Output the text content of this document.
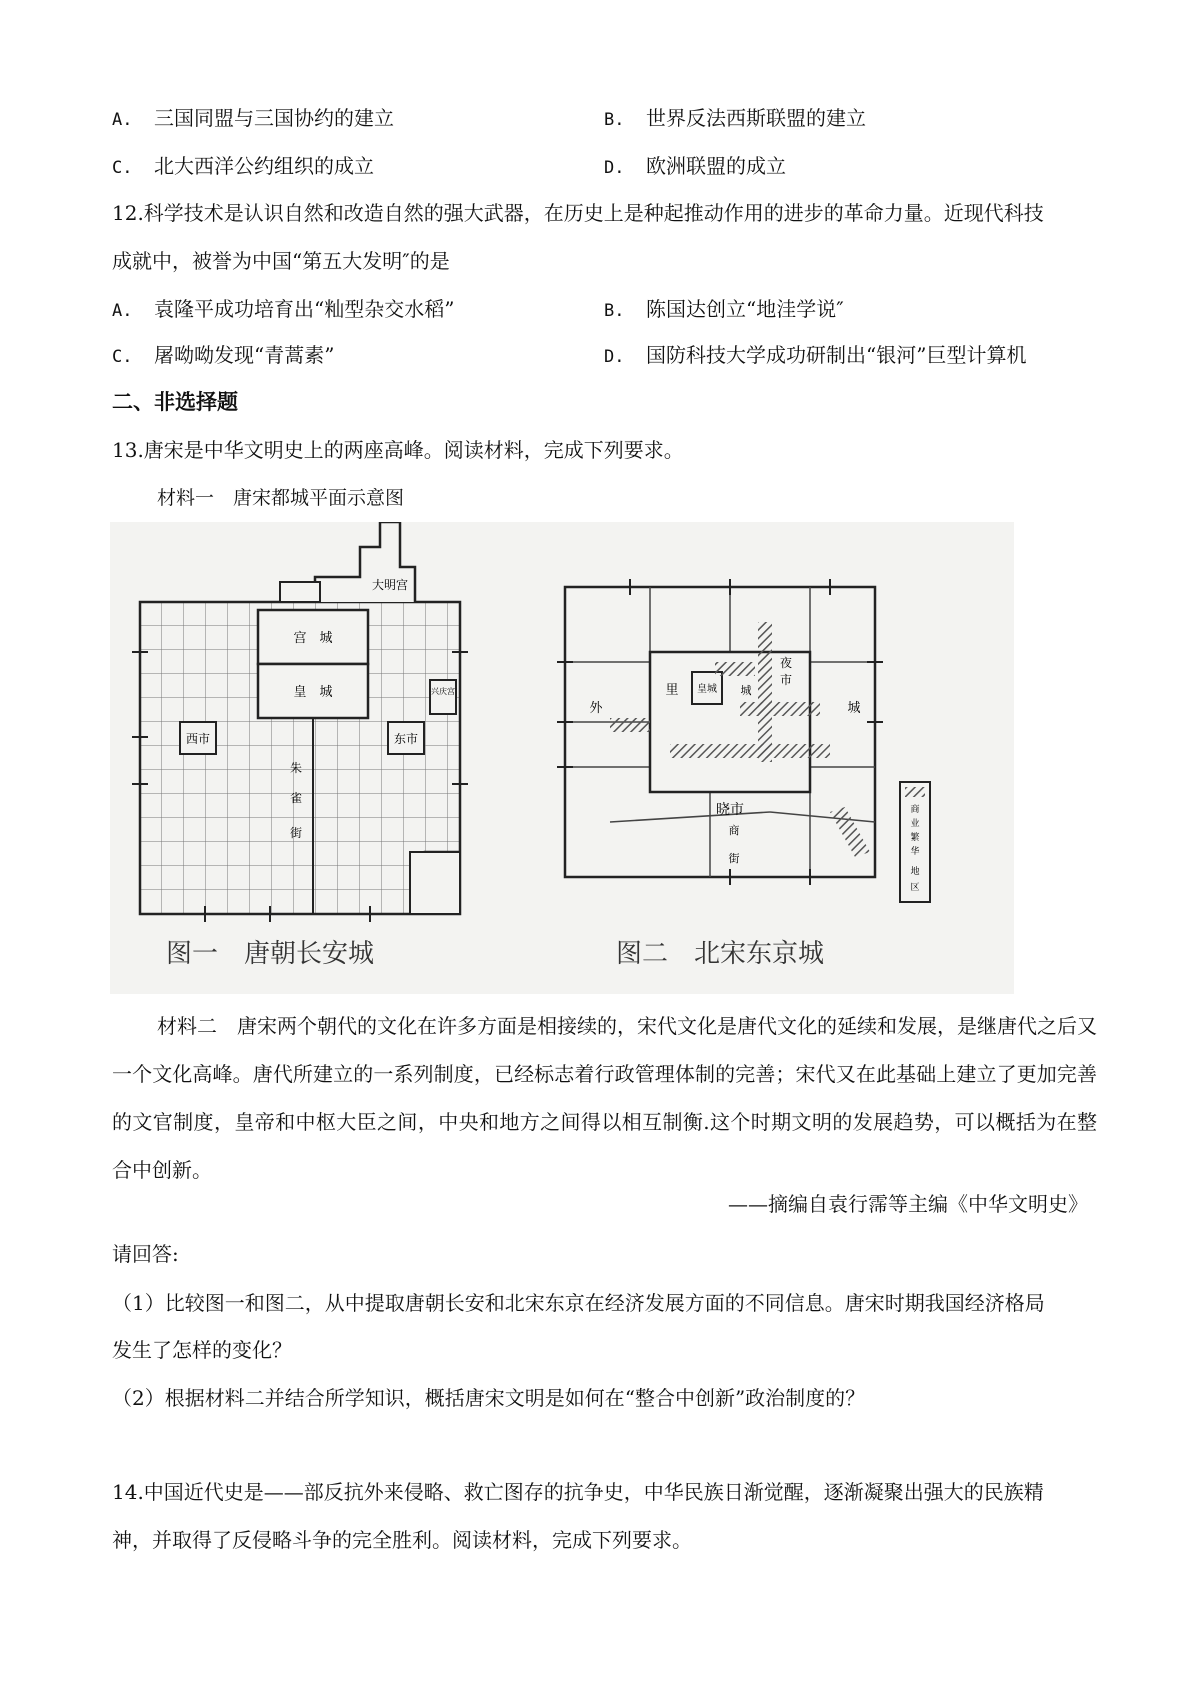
A. 三国同盟与三国协约的建立	B. 世界反法西斯联盟的建立
C. 北大西洋公约组织的成立	D. 欧洲联盟的成立
12.科学技术是认识自然和改造自然的强大武器，在历史上是种起推动作用的进步的革命力量。近现代科技
成就中，被誉为中国“第五大发明″的是
A. 袁隆平成功培育出“籼型杂交水稻”	B. 陈国达创立“地洼学说″
C. 屠呦呦发现“青蒿素”	D. 国防科技大学成功研制出“银河”巨型计算机
二、非选择题
13.唐宋是中华文明史上的两座高峰。阅读材料，完成下列要求。
材料一　唐宋都城平面示意图
大明宫
宫　城
皇　城	兴庆宫
西市	东市
朱
雀
街
图一　唐朝长安城
皇城
夜
市
外
里
城
城
晓市
商
街
商
业
繁
华
地
区
图二　北宋东京城
材料二　唐宋两个朝代的文化在许多方面是相接续的，宋代文化是唐代文化的延续和发展，是继唐代之后又一个文化高峰。唐代所建立的一系列制度，已经标志着行政管理体制的完善；宋代又在此基础上建立了更加完善的文官制度，皇帝和中枢大臣之间，中央和地方之间得以相互制衡.这个时期文明的发展趋势，可以概括为在整合中创新。
——摘编自袁行霈等主编《中华文明史》
请回答:
（1）比较图一和图二，从中提取唐朝长安和北宋东京在经济发展方面的不同信息。唐宋时期我国经济格局
发生了怎样的变化？
（2）根据材料二并结合所学知识，概括唐宋文明是如何在“整合中创新”政治制度的？
14.中国近代史是——部反抗外来侵略、救亡图存的抗争史，中华民族日渐觉醒，逐渐凝聚出强大的民族精
神，并取得了反侵略斗争的完全胜利。阅读材料，完成下列要求。
